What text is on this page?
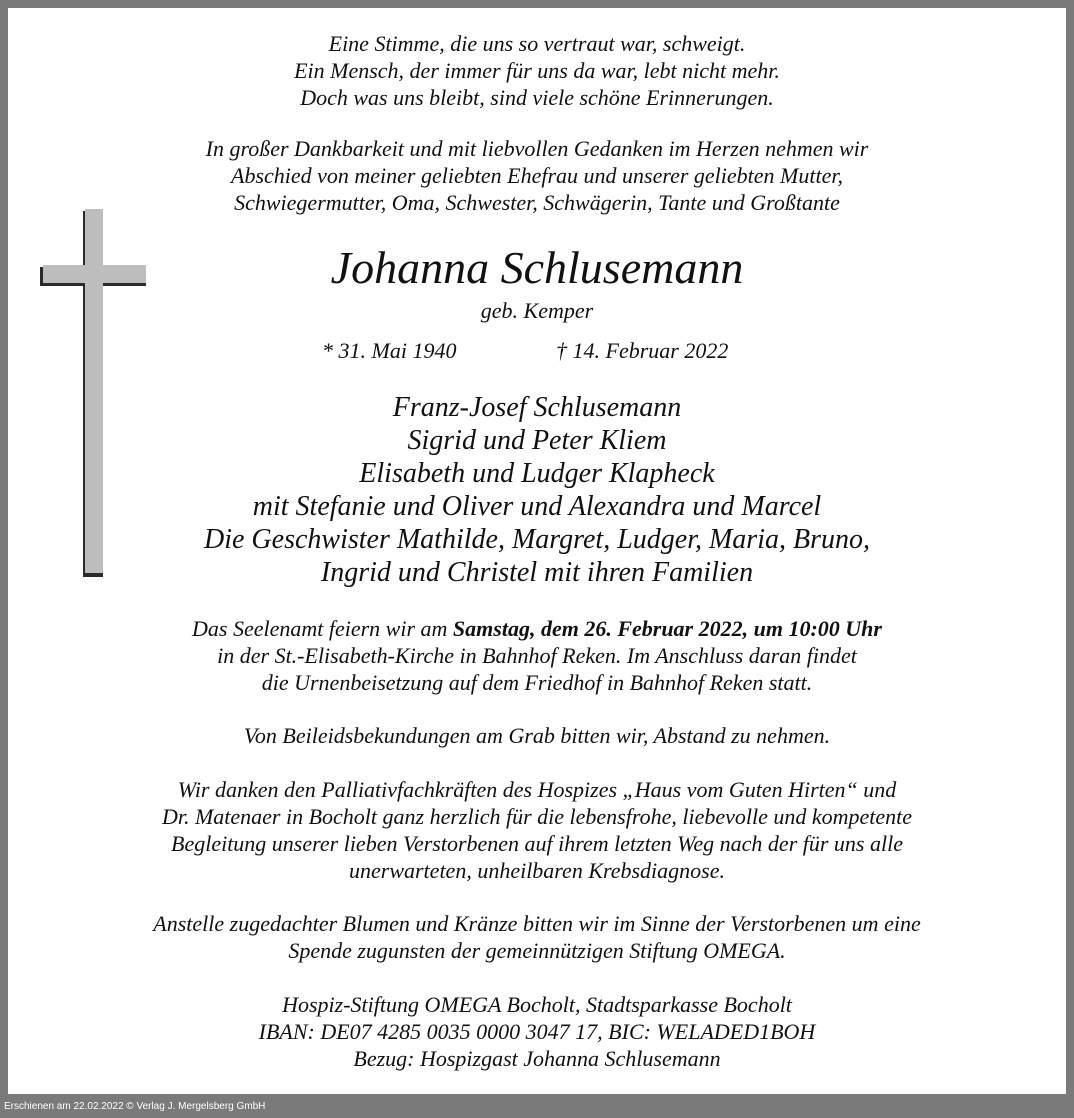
Eine Stimme, die uns so vertraut war, schweigt.
Ein Mensch, der immer für uns da war, lebt nicht mehr.
Doch was uns bleibt, sind viele schöne Erinnerungen.
In großer Dankbarkeit und mit liebvollen Gedanken im Herzen nehmen wir
Abschied von meiner geliebten Ehefrau und unserer geliebten Mutter,
Schwiegermutter, Oma, Schwester, Schwägerin, Tante und Großtante
Johanna Schlusemann
geb. Kemper
* 31. Mai 1940	† 14. Februar 2022
Franz-Josef Schlusemann
Sigrid und Peter Kliem
Elisabeth und Ludger Klapheck
mit Stefanie und Oliver und Alexandra und Marcel
Die Geschwister Mathilde, Margret, Ludger, Maria, Bruno,
Ingrid und Christel mit ihren Familien
Das Seelenamt feiern wir am Samstag, dem 26. Februar 2022, um 10:00 Uhr
in der St.-Elisabeth-Kirche in Bahnhof Reken. Im Anschluss daran findet
die Urnenbeisetzung auf dem Friedhof in Bahnhof Reken statt.
Von Beileidsbekundungen am Grab bitten wir, Abstand zu nehmen.
Wir danken den Palliativfachkräften des Hospizes „Haus vom Guten Hirten“ und
Dr. Matenaer in Bocholt ganz herzlich für die lebensfrohe, liebevolle und kompetente
Begleitung unserer lieben Verstorbenen auf ihrem letzten Weg nach der für uns alle
unerwarteten, unheilbaren Krebsdiagnose.
Anstelle zugedachter Blumen und Kränze bitten wir im Sinne der Verstorbenen um eine
Spende zugunsten der gemeinnützigen Stiftung OMEGA.
Hospiz-Stiftung OMEGA Bocholt, Stadtsparkasse Bocholt
IBAN: DE07 4285 0035 0000 3047 17, BIC: WELADED1BOH
Bezug: Hospizgast Johanna Schlusemann
Erschienen am 22.02.2022 © Verlag J. Mergelsberg GmbH
